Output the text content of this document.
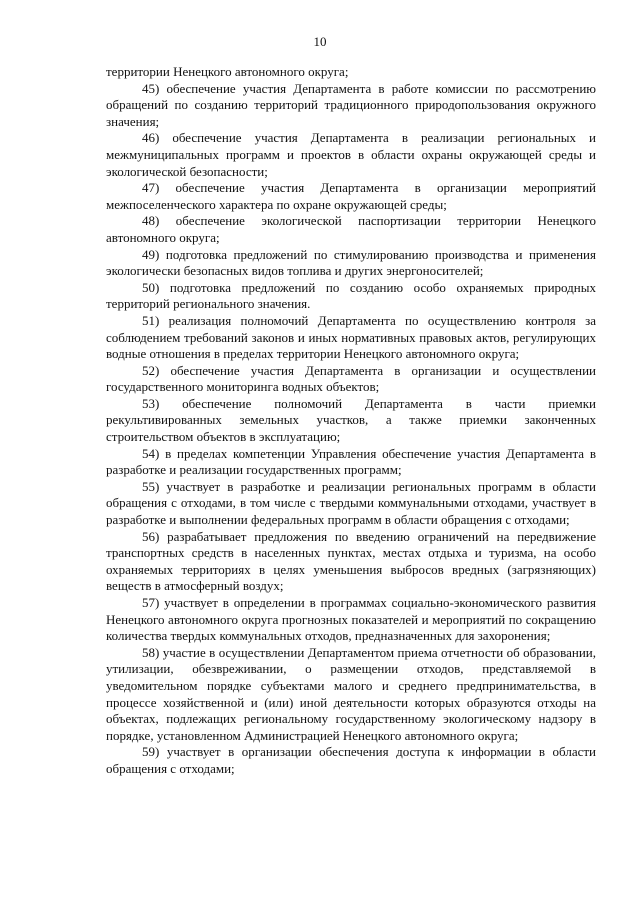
10

территории Ненецкого автономного округа;

45) обеспечение участия Департамента в работе комиссии по рассмотрению обращений по созданию территорий традиционного природопользования окружного значения;

46) обеспечение участия Департамента в реализации региональных и межмуниципальных программ и проектов в области охраны окружающей среды и экологической безопасности;

47) обеспечение участия Департамента в организации мероприятий межпоселенческого характера по охране окружающей среды;

48) обеспечение экологической паспортизации территории Ненецкого автономного округа;

49) подготовка предложений по стимулированию производства и применения экологически безопасных видов топлива и других энергоносителей;

50) подготовка предложений по созданию особо охраняемых природных территорий регионального значения.

51) реализация полномочий Департамента по осуществлению контроля за соблюдением требований законов и иных нормативных правовых актов, регулирующих водные отношения в пределах территории Ненецкого автономного округа;

52) обеспечение участия Департамента в организации и осуществлении государственного мониторинга водных объектов;

53) обеспечение полномочий Департамента в части приемки рекультивированных земельных участков, а также приемки законченных строительством объектов в эксплуатацию;

54) в пределах компетенции Управления обеспечение участия Департамента в разработке и реализации государственных программ;

55) участвует в разработке и реализации региональных программ в области обращения с отходами, в том числе с твердыми коммунальными отходами, участвует в разработке и выполнении федеральных программ в области обращения с отходами;

56) разрабатывает предложения по введению ограничений на передвижение транспортных средств в населенных пунктах, местах отдыха и туризма, на особо охраняемых территориях в целях уменьшения выбросов вредных (загрязняющих) веществ в атмосферный воздух;

57) участвует в определении в программах социально-экономического развития Ненецкого автономного округа прогнозных показателей и мероприятий по сокращению количества твердых коммунальных отходов, предназначенных для захоронения;

58) участие в осуществлении Департаментом приема отчетности об образовании, утилизации, обезвреживании, о размещении отходов, представляемой в уведомительном порядке субъектами малого и среднего предпринимательства, в процессе хозяйственной и (или) иной деятельности которых образуются отходы на объектах, подлежащих региональному государственному экологическому надзору в порядке, установленном Администрацией Ненецкого автономного округа;

59) участвует в организации обеспечения доступа к информации в области обращения с отходами;
